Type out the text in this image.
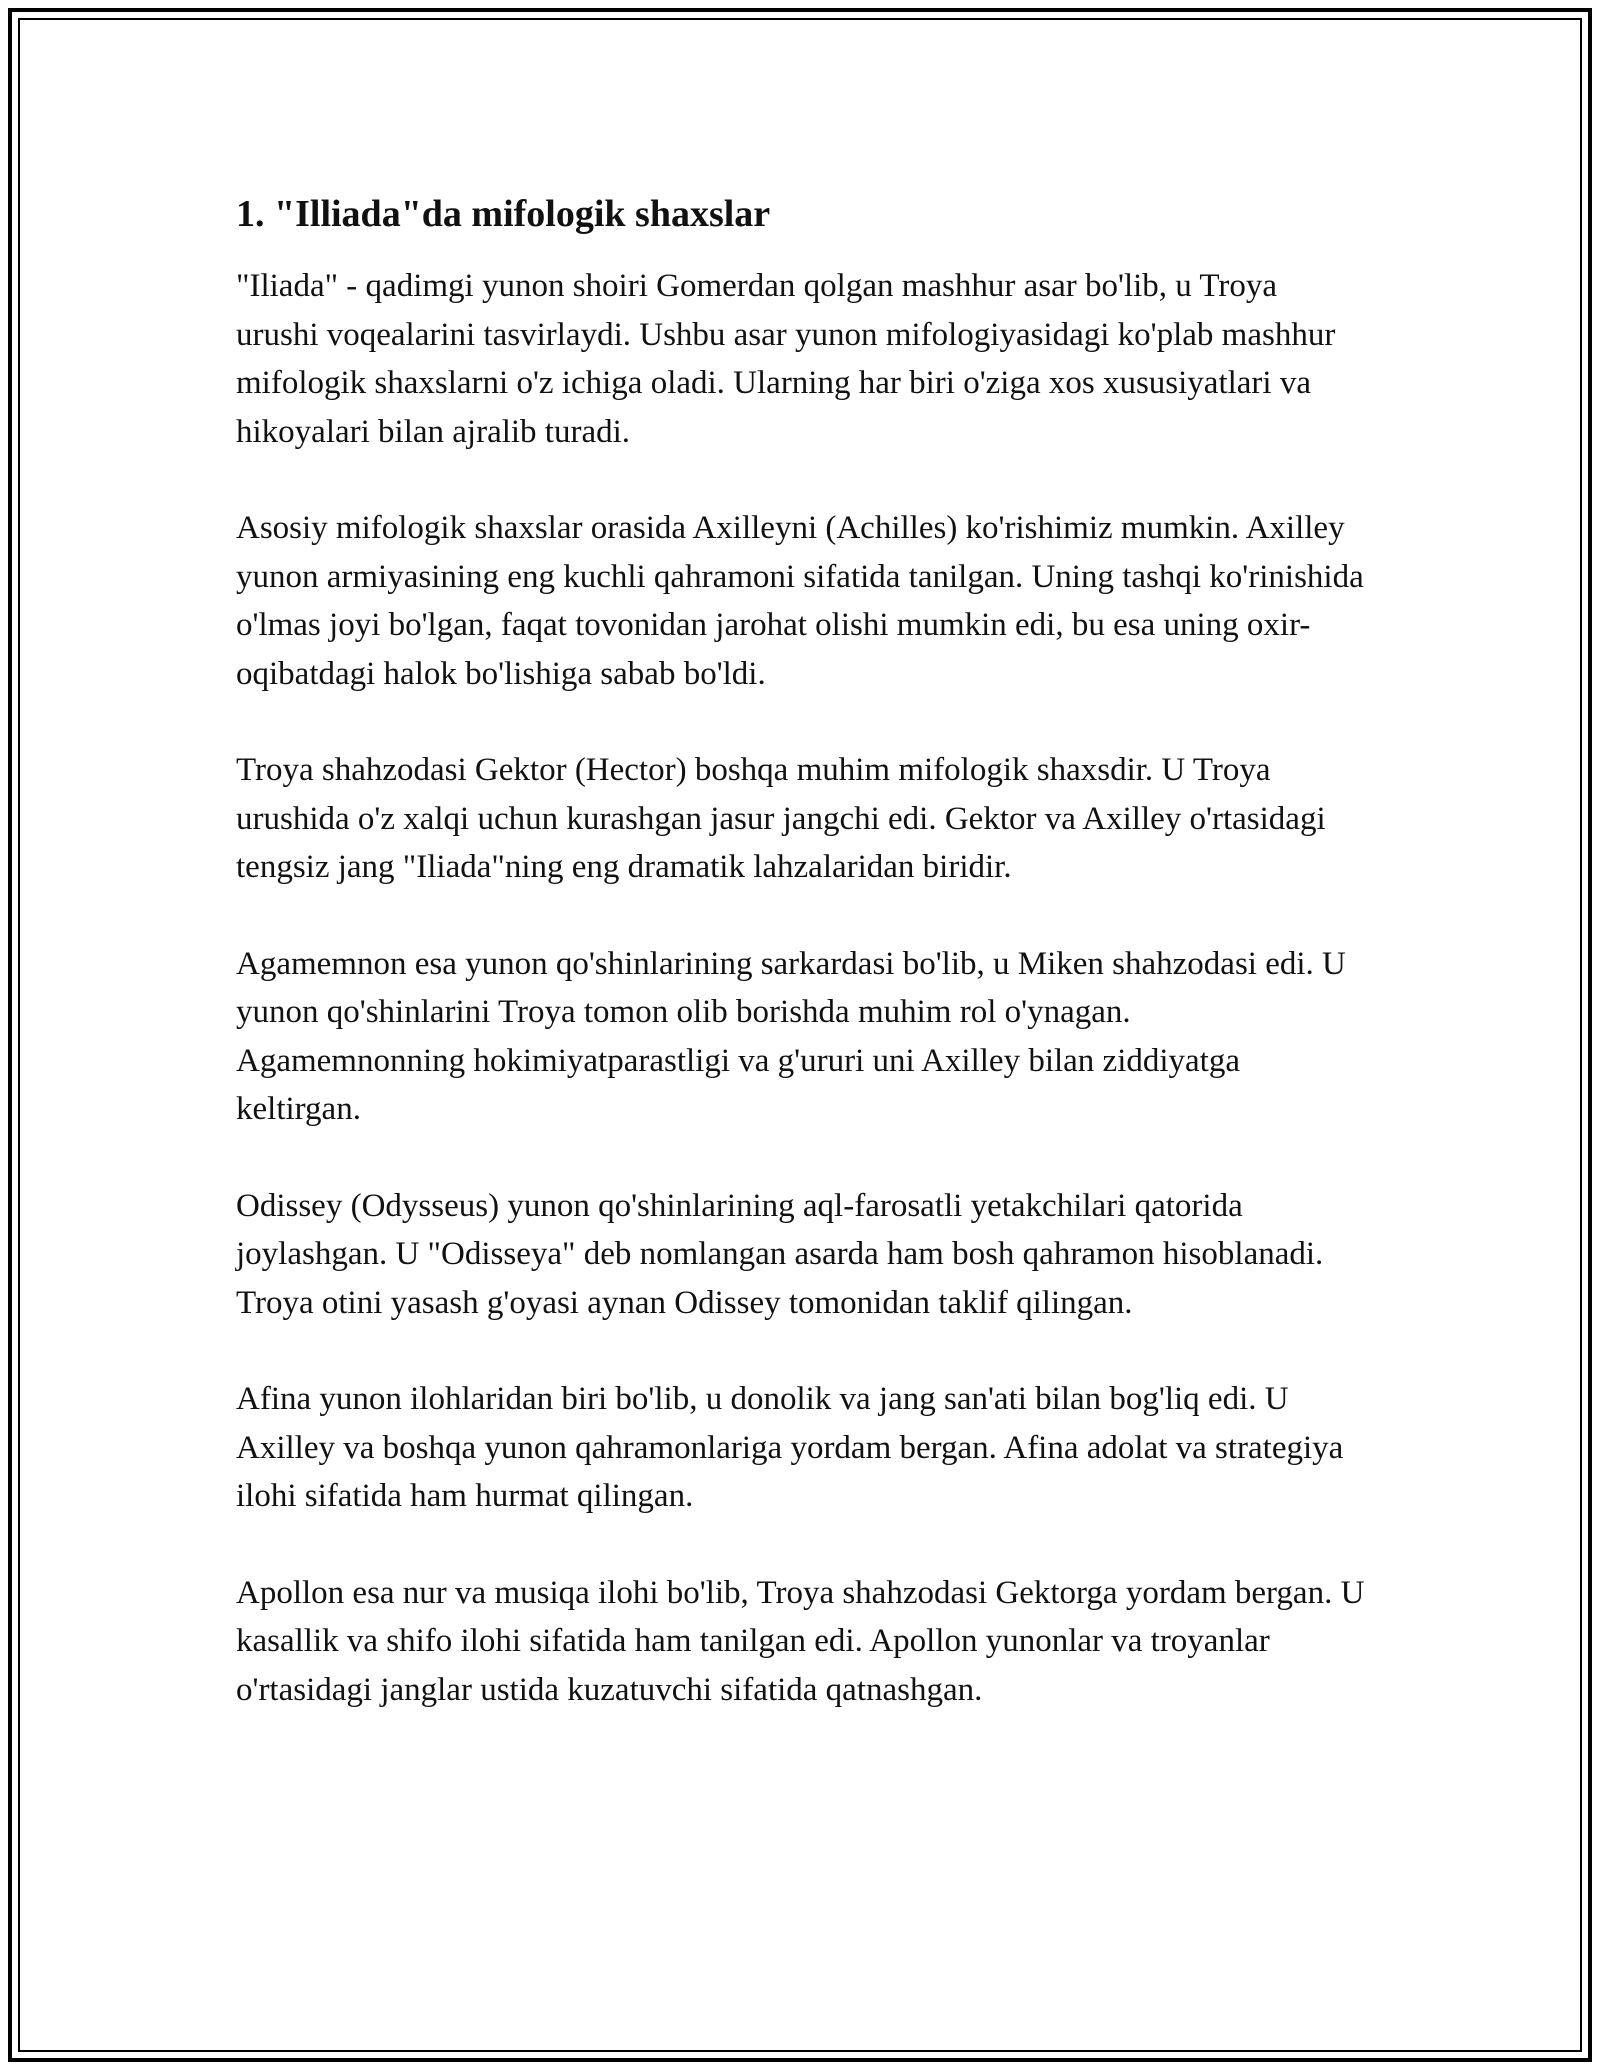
1. "Illiada"da mifologik shaxslar

"Iliada" - qadimgi yunon shoiri Gomerdan qolgan mashhur asar bo'lib, u Troya urushi voqealarini tasvirlaydi. Ushbu asar yunon mifologiyasidagi ko'plab mashhur mifologik shaxslarni o'z ichiga oladi. Ularning har biri o'ziga xos xususiyatlari va hikoyalari bilan ajralib turadi.

Asosiy mifologik shaxslar orasida Axilleyni (Achilles) ko'rishimiz mumkin. Axilley yunon armiyasining eng kuchli qahramoni sifatida tanilgan. Uning tashqi ko'rinishida o'lmas joyi bo'lgan, faqat tovonidan jarohat olishi mumkin edi, bu esa uning oxir-oqibatdagi halok bo'lishiga sabab bo'ldi.

Troya shahzodasi Gektor (Hector) boshqa muhim mifologik shaxsdir. U Troya urushida o'z xalqi uchun kurashgan jasur jangchi edi. Gektor va Axilley o'rtasidagi tengsiz jang "Iliada"ning eng dramatik lahzalaridan biridir.

Agamemnon esa yunon qo'shinlarining sarkardasi bo'lib, u Miken shahzodasi edi. U yunon qo'shinlarini Troya tomon olib borishda muhim rol o'ynagan. Agamemnonning hokimiyatparastligi va g'ururi uni Axilley bilan ziddiyatga keltirgan.

Odissey (Odysseus) yunon qo'shinlarining aql-farosatli yetakchilari qatorida joylashgan. U "Odisseya" deb nomlangan asarda ham bosh qahramon hisoblanadi. Troya otini yasash g'oyasi aynan Odissey tomonidan taklif qilingan.

Afina yunon ilohlaridan biri bo'lib, u donolik va jang san'ati bilan bog'liq edi. U Axilley va boshqa yunon qahramonlariga yordam bergan. Afina adolat va strategiya ilohi sifatida ham hurmat qilingan.

Apollon esa nur va musiqa ilohi bo'lib, Troya shahzodasi Gektorga yordam bergan. U kasallik va shifo ilohi sifatida ham tanilgan edi. Apollon yunonlar va troyanlar o'rtasidagi janglar ustida kuzatuvchi sifatida qatnashgan.
